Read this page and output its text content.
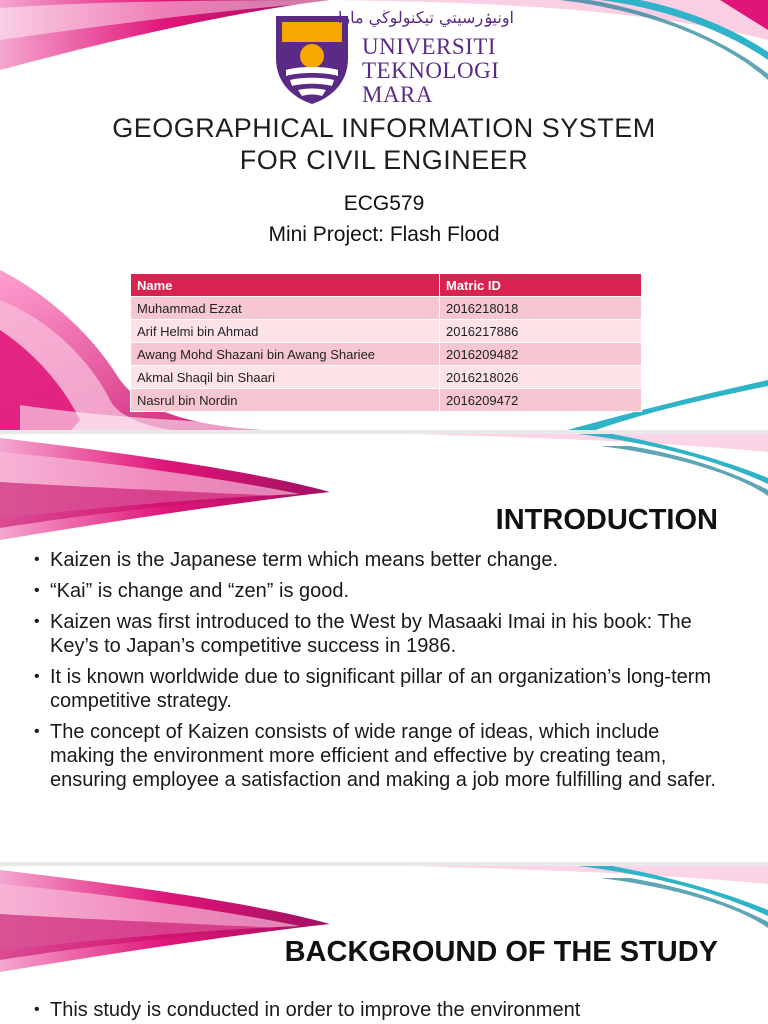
اونيۏرسيتي تيكنولوڬي مارا
UNIVERSITI
TEKNOLOGI
MARA
GEOGRAPHICAL INFORMATION SYSTEM
FOR CIVIL ENGINEER
ECG579
Mini Project: Flash Flood
Name	Matric ID
Muhammad Ezzat	2016218018
Arif Helmi bin Ahmad	2016217886
Awang Mohd Shazani bin Awang Shariee	2016209482
Akmal Shaqil bin Shaari	2016218026
Nasrul bin Nordin	2016209472
INTRODUCTION
• Kaizen is the Japanese term which means better change.
• “Kai” is change and “zen” is good.
• Kaizen was first introduced to the West by Masaaki Imai in his book: The Key’s to Japan’s competitive success in 1986.
• It is known worldwide due to significant pillar of an organization’s long-term competitive strategy.
• The concept of Kaizen consists of wide range of ideas, which include making the environment more efficient and effective by creating team, ensuring employee a satisfaction and making a job more fulfilling and safer.
BACKGROUND OF THE STUDY
• This study is conducted in order to improve the environment
